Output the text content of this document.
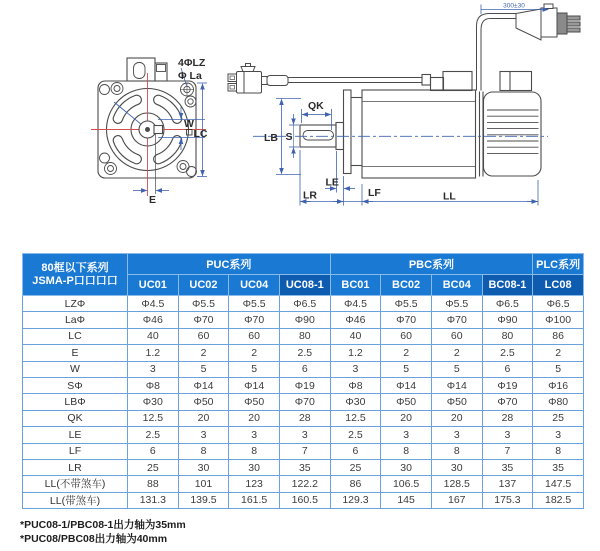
4ΦLZ
Φ La
W
LC
E
QK
LB S
LE
LR	LF	LL
300±30
80框以下系列
JSMA-P口口口口	PUC系列				PBC系列				PLC系列
	UC01	UC02	UC04	UC08-1	BC01	BC02	BC04	BC08-1	LC08
LZΦ	Φ4.5	Φ5.5	Φ5.5	Φ6.5	Φ4.5	Φ5.5	Φ5.5	Φ6.5	Φ6.5
LaΦ	Φ46	Φ70	Φ70	Φ90	Φ46	Φ70	Φ70	Φ90	Φ100
LC	40	60	60	80	40	60	60	80	86
E	1.2	2	2	2.5	1.2	2	2	2.5	2
W	3	5	5	6	3	5	5	6	5
SΦ	Φ8	Φ14	Φ14	Φ19	Φ8	Φ14	Φ14	Φ19	Φ16
LBΦ	Φ30	Φ50	Φ50	Φ70	Φ30	Φ50	Φ50	Φ70	Φ80
QK	12.5	20	20	28	12.5	20	20	28	25
LE	2.5	3	3	3	2.5	3	3	3	3
LF	6	8	8	7	6	8	8	7	8
LR	25	30	30	35	25	30	30	35	35
LL(不带煞车)	88	101	123	122.2	86	106.5	128.5	137	147.5
LL(带煞车)	131.3	139.5	161.5	160.5	129.3	145	167	175.3	182.5
*PUC08-1/PBC08-1出力轴为35mm
*PUC08/PBC08出力轴为40mm
